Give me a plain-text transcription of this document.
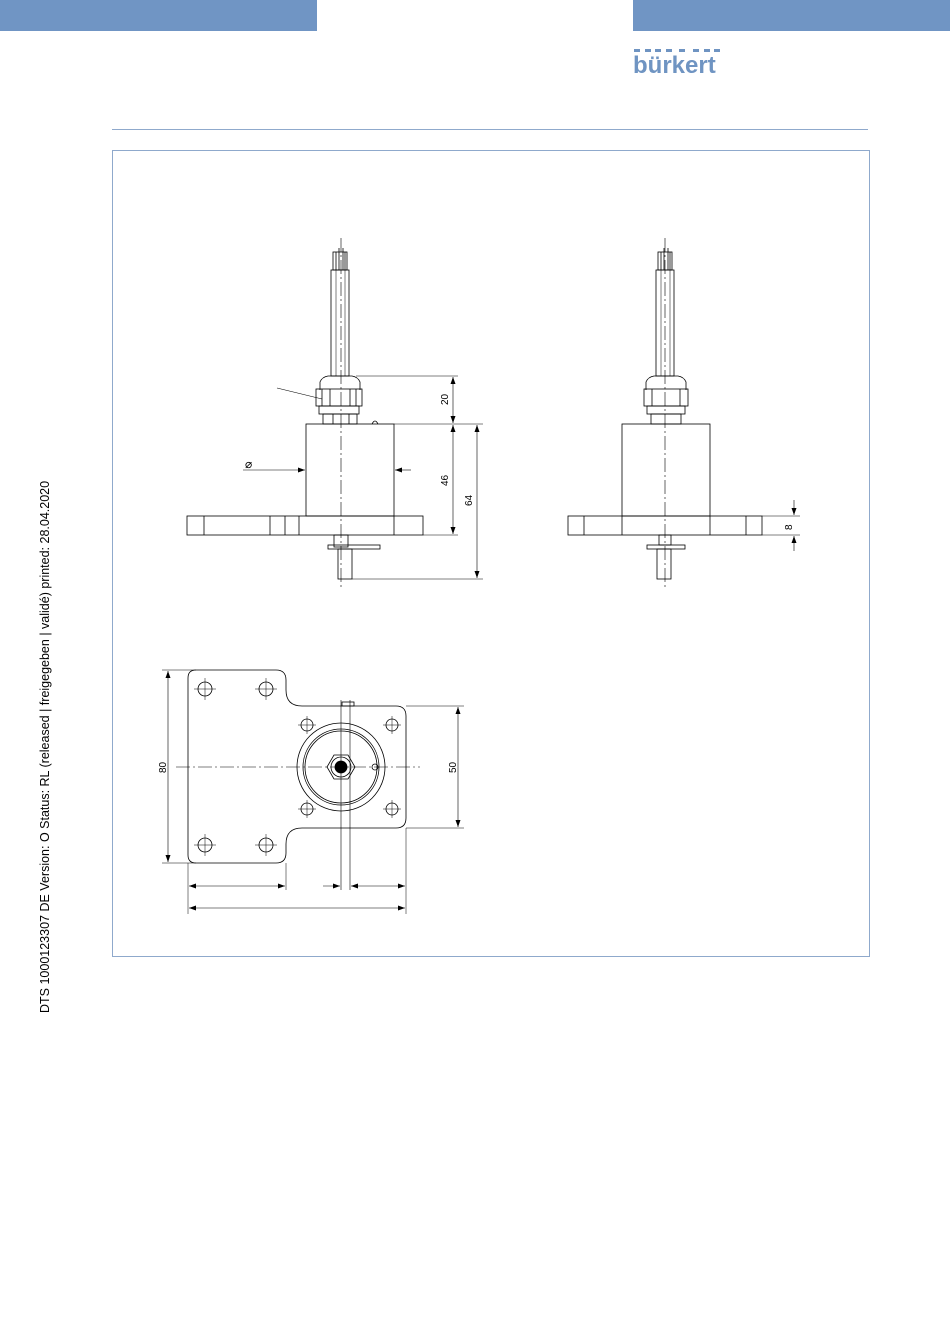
bürkert
DTS 1000123307 DE Version: O Status: RL (released | freigegeben | validé) printed: 28.04.2020
⌀
20
46
64
8
80	50
